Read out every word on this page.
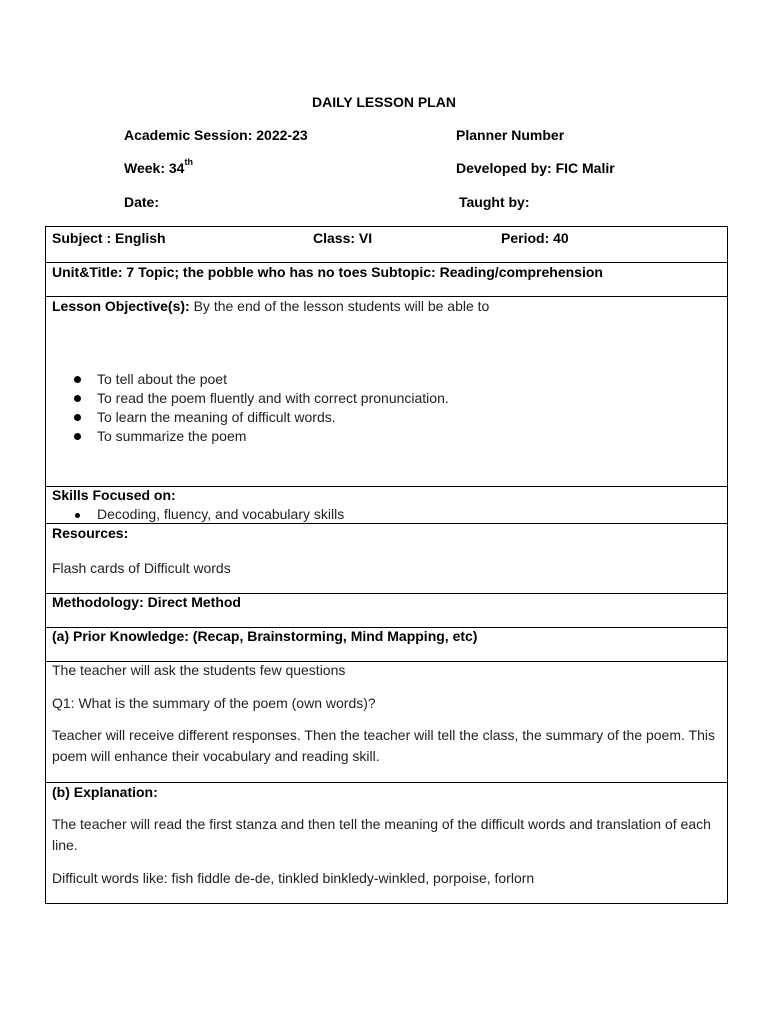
DAILY LESSON PLAN
Academic Session: 2022-23	Planner Number
Week: 34th	Developed by: FIC Malir
Date:	Taught by:
Subject : English	Class: VI	Period: 40
Unit&Title: 7 Topic; the pobble who has no toes Subtopic: Reading/comprehension
Lesson Objective(s): By the end of the lesson students will be able to
To tell about the poet
To read the poem fluently and with correct pronunciation.
To learn the meaning of difficult words.
To summarize the poem
Skills Focused on:
Decoding, fluency, and vocabulary skills
Resources:
Flash cards of Difficult words
Methodology: Direct Method
(a) Prior Knowledge: (Recap, Brainstorming, Mind Mapping, etc)
The teacher will ask the students few questions
Q1: What is the summary of the poem (own words)?
Teacher will receive different responses. Then the teacher will tell the class, the summary of the poem. This poem will enhance their vocabulary and reading skill.
(b) Explanation:
The teacher will read the first stanza and then tell the meaning of the difficult words and translation of each line.
Difficult words like: fish fiddle de-de, tinkled binkledy-winkled, porpoise, forlorn
